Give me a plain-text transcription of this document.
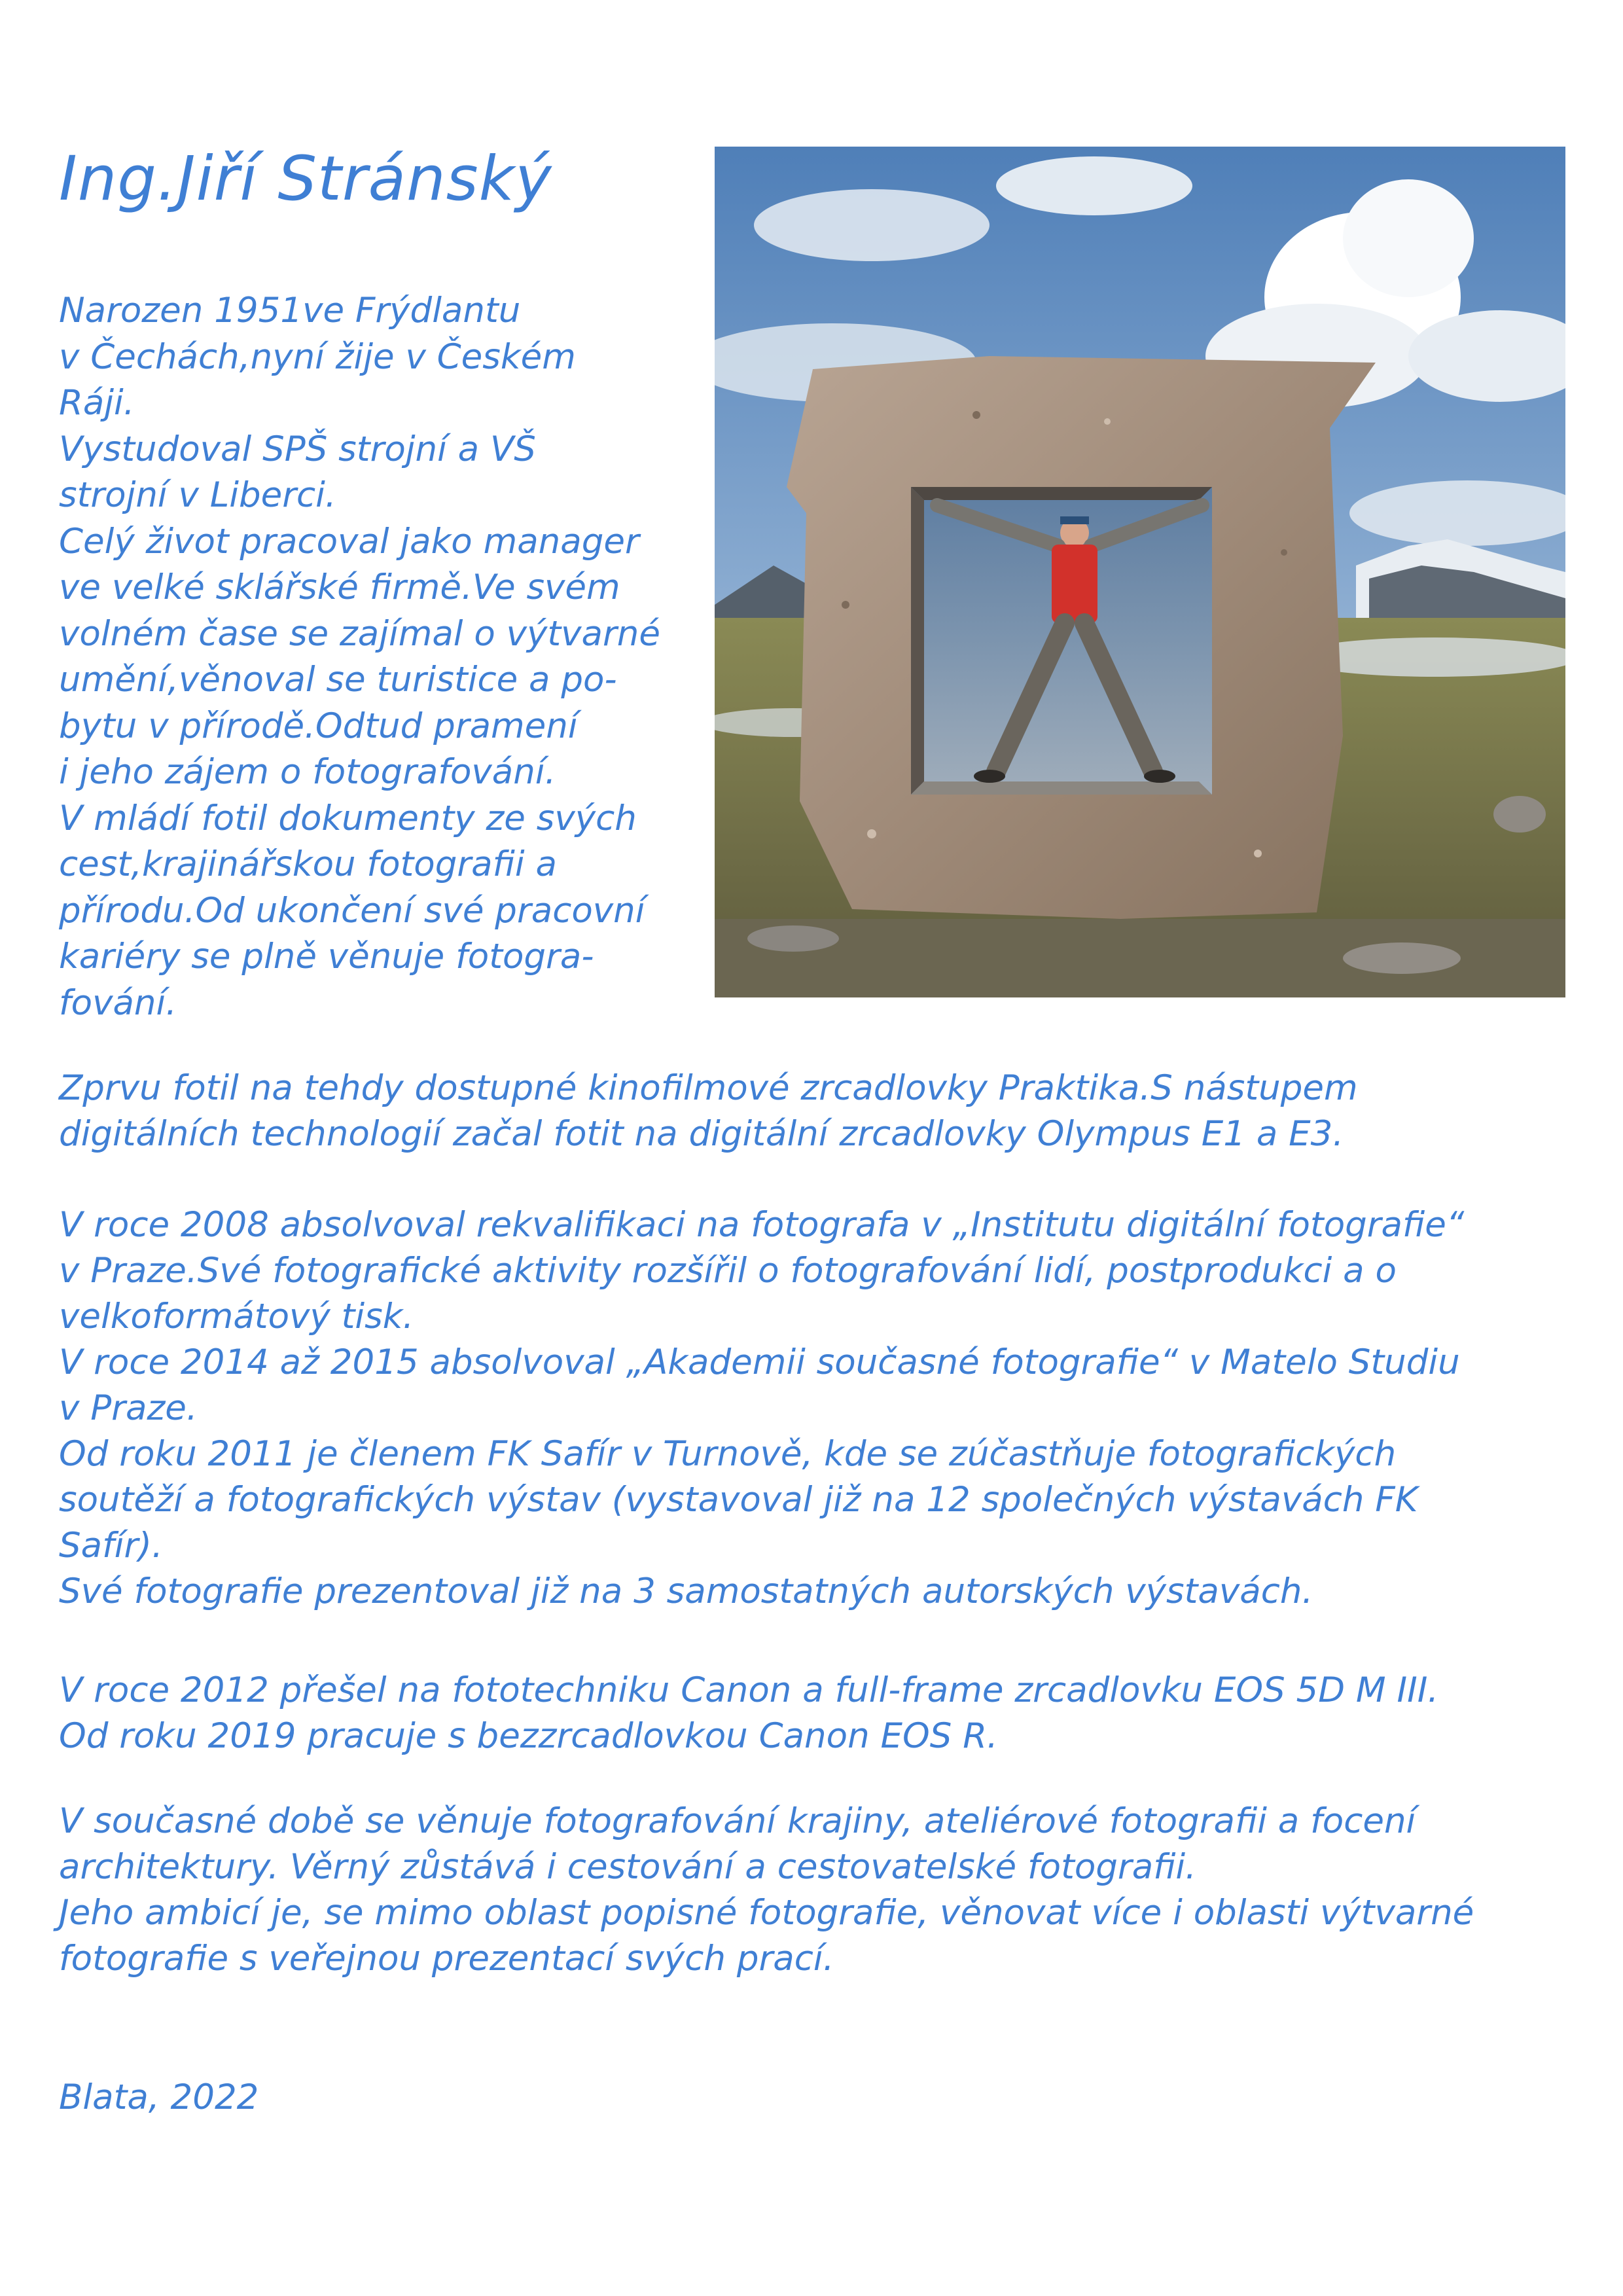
Ing.Jiří Stránský
Narozen 1951ve Frýdlantu
v Čechách,nyní žije v Českém
Ráji.
Vystudoval SPŠ strojní a VŠ
strojní v Liberci.
Celý život pracoval jako manager
ve velké sklářské firmě.Ve svém
volném čase se zajímal o výtvarné
umění,věnoval se turistice a po-
bytu v přírodě.Odtud pramení
i jeho zájem o fotografování.
V mládí fotil dokumenty ze svých
cest,krajinářskou fotografii a
přírodu.Od ukončení své pracovní
kariéry se plně věnuje fotogra-
fování.
Zprvu fotil na tehdy dostupné kinofilmové zrcadlovky Praktika.S nástupem
digitálních technologií začal fotit na digitální zrcadlovky Olympus E1 a E3.
V roce 2008 absolvoval rekvalifikaci na fotografa v „Institutu digitální fotografie“
v Praze.Své fotografické aktivity rozšířil o fotografování lidí, postprodukci a o
velkoformátový tisk.
V roce 2014 až 2015 absolvoval „Akademii současné fotografie“ v Matelo Studiu
v Praze.
Od roku 2011 je členem FK Safír v Turnově, kde se zúčastňuje fotografických
soutěží a fotografických výstav (vystavoval již na 12 společných výstavách FK
Safír).
Své fotografie prezentoval již na 3 samostatných autorských výstavách.
V roce 2012 přešel na fototechniku Canon a full-frame zrcadlovku EOS 5D M III.
Od roku 2019 pracuje s bezzrcadlovkou Canon EOS R.
V současné době se věnuje fotografování krajiny, ateliérové fotografii a focení
architektury. Věrný zůstává i cestování a cestovatelské fotografii.
Jeho ambicí je, se mimo oblast popisné fotografie, věnovat více i oblasti výtvarné
fotografie s veřejnou prezentací svých prací.
Blata, 2022
